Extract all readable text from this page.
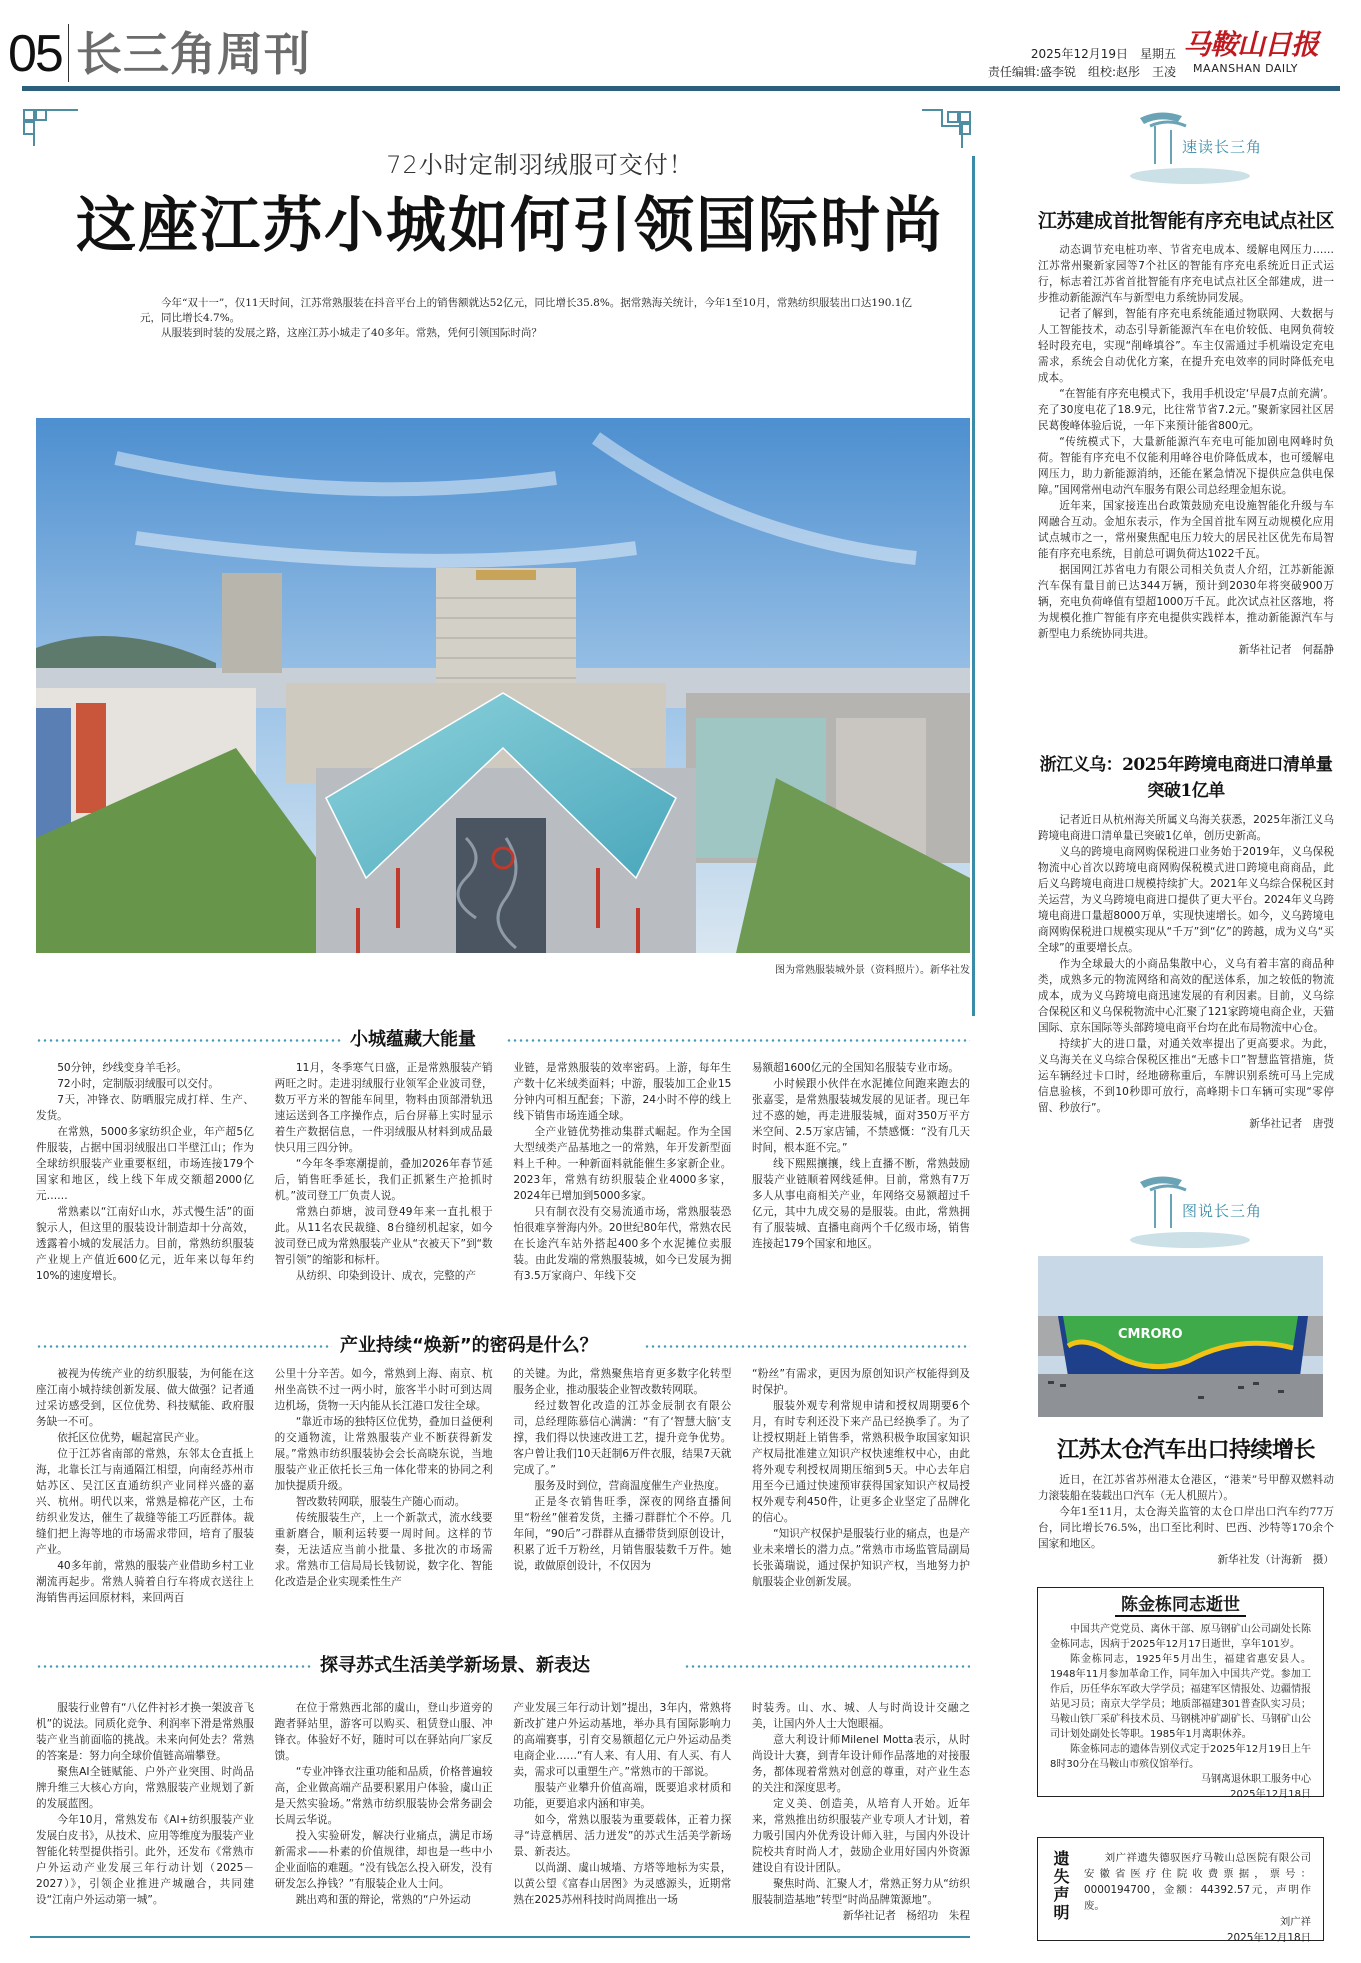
05 长三角周刊	2025年12月19日　星期五
责任编辑:盛李锐　组校:赵彤　王凌
马鞍山日报
MAANSHAN DAILY
72小时定制羽绒服可交付！
这座江苏小城如何引领国际时尚

今年“双十一”，仅11天时间，江苏常熟服装在抖音平台上的销售额就达52亿元，同比增长35.8%。据常熟海关统计，今年1至10月，常熟纺织服装出口达190.1亿元，同比增长4.7%。

从服装到时装的发展之路，这座江苏小城走了40多年。常熟，凭何引领国际时尚？

图为常熟服装城外景（资料照片）。新华社发
小城蕴藏大能量

50分钟，纱线变身羊毛衫。

72小时，定制版羽绒服可以交付。

7天，冲锋衣、防晒服完成打样、生产、发货。

在常熟，5000多家纺织企业，年产超5亿件服装，占据中国羽绒服出口半壁江山；作为全球纺织服装产业重要枢纽，市场连接179个国家和地区，线上线下年成交额超2000亿元……

常熟素以“江南好山水，苏式慢生活”的面貌示人，但这里的服装设计制造却十分高效，透露着小城的发展活力。目前，常熟纺织服装产业规上产值近600亿元，近年来以每年约10%的速度增长。

11月，冬季寒气日盛，正是常熟服装产销两旺之时。走进羽绒服行业领军企业波司登，数万平方米的智能车间里，物料由顶部滑轨迅速运送到各工序操作点，后台屏幕上实时显示着生产数据信息，一件羽绒服从材料到成品最快只用三四分钟。

“今年冬季寒潮提前，叠加2026年春节延后，销售旺季延长，我们正抓紧生产抢抓时机。”波司登工厂负责人说。

常熟白茆塘，波司登49年来一直扎根于此。从11名农民裁缝、8台缝纫机起家，如今波司登已成为常熟服装产业从“衣被天下”到“数智引领”的缩影和标杆。

从纺织、印染到设计、成衣，完整的产

业链，是常熟服装的效率密码。上游，每年生产数十亿米绒类面料；中游，服装加工企业15分钟内可相互配套；下游，24小时不停的线上线下销售市场连通全球。

全产业链优势推动集群式崛起。作为全国大型绒类产品基地之一的常熟，年开发新型面料上千种。一种新面料就能催生多家新企业。2023年，常熟有纺织服装企业4000多家，2024年已增加到5000多家。

只有制衣没有交易流通市场，常熟服装恐怕很难享誉海内外。20世纪80年代，常熟农民在长途汽车站外搭起400多个水泥摊位卖服装。由此发端的常熟服装城，如今已发展为拥有3.5万家商户、年线下交

易额超1600亿元的全国知名服装专业市场。

小时候跟小伙伴在水泥摊位间跑来跑去的张嘉雯，是常熟服装城发展的见证者。现已年过不惑的她，再走进服装城，面对350万平方米空间、2.5万家店铺，不禁感慨：“没有几天时间，根本逛不完。”

线下熙熙攘攘，线上直播不断，常熟鼓励服装产业链顺着网线延伸。目前，常熟有7万多人从事电商相关产业，年网络交易额超过千亿元，其中九成交易的是服装。由此，常熟拥有了服装城、直播电商两个千亿级市场，销售连接起179个国家和地区。

产业持续“焕新”的密码是什么？

被视为传统产业的纺织服装，为何能在这座江南小城持续创新发展、做大做强？记者通过采访感受到，区位优势、科技赋能、政府服务缺一不可。

依托区位优势，崛起富民产业。

位于江苏省南部的常熟，东邻太仓直抵上海，北靠长江与南通隔江相望，向南经苏州市姑苏区、吴江区直通纺织产业同样兴盛的嘉兴、杭州。明代以来，常熟是棉花产区，土布纺织业发达，催生了裁缝等能工巧匠群体。裁缝们把上海等地的市场需求带回，培育了服装产业。

40多年前，常熟的服装产业借助乡村工业潮流再起步。常熟人骑着自行车将成衣送往上海销售再运回原材料，来回两百

公里十分辛苦。如今，常熟到上海、南京、杭州坐高铁不过一两小时，旅客半小时可到达周边机场，货物一天内能从长江港口发往全球。

“靠近市场的独特区位优势，叠加日益便利的交通物流，让常熟服装产业不断获得新发展。”常熟市纺织服装协会会长高晓东说，当地服装产业正依托长三角一体化带来的协同之利加快提质升级。

智改数转网联，服装生产随心而动。

传统服装生产，上一个新款式，流水线要重新磨合，顺利运转要一周时间。这样的节奏，无法适应当前小批量、多批次的市场需求。常熟市工信局局长钱韧说，数字化、智能化改造是企业实现柔性生产

的关键。为此，常熟聚焦培育更多数字化转型服务企业，推动服装企业智改数转网联。

经过数智化改造的江苏金辰制衣有限公司，总经理陈慕信心满满：“有了‘智慧大脑’支撑，我们得以快速改进工艺，提升竞争优势。客户曾让我们10天赶制6万件衣服，结果7天就完成了。”

服务及时到位，营商温度催生产业热度。

正是冬衣销售旺季，深夜的网络直播间里“粉丝”催着发货，主播刁群群忙个不停。几年间，“90后”刁群群从直播带货到原创设计，积累了近千万粉丝，月销售服装数千万件。她说，敢做原创设计，不仅因为

“粉丝”有需求，更因为原创知识产权能得到及时保护。

服装外观专利常规申请和授权周期要6个月，有时专利还没下来产品已经换季了。为了让授权期赶上销售季，常熟积极争取国家知识产权局批准建立知识产权快速维权中心，由此将外观专利授权周期压缩到5天。中心去年启用至今已通过快速预审获得国家知识产权局授权外观专利450件，让更多企业坚定了品牌化的信心。

“知识产权保护是服装行业的痛点，也是产业未来增长的潜力点。”常熟市市场监管局副局长张蔼瑞说，通过保护知识产权，当地努力护航服装企业创新发展。

探寻苏式生活美学新场景、新表达

服装行业曾有“八亿件衬衫才换一架波音飞机”的说法。同质化竞争、利润率下滑是常熟服装产业当前面临的挑战。未来向何处去？常熟的答案是：努力向全球价值链高端攀登。

聚焦AI全链赋能、户外产业突围、时尚品牌升维三大核心方向，常熟服装产业规划了新的发展蓝图。

今年10月，常熟发布《AI+纺织服装产业发展白皮书》，从技术、应用等维度为服装产业智能化转型提供指引。此外，还发布《常熟市户外运动产业发展三年行动计划（2025－2027）》，引领企业推进产城融合，共同建设“江南户外运动第一城”。

在位于常熟西北部的虞山，登山步道旁的跑者驿站里，游客可以购买、租赁登山服、冲锋衣。体验好不好，随时可以在驿站向厂家反馈。

“专业冲锋衣注重功能和品质，价格普遍较高，企业做高端产品要积累用户体验，虞山正是天然实验场。”常熟市纺织服装协会常务副会长周云华说。

投入实验研发，解决行业痛点，满足市场新需求——朴素的价值规律，却也是一些中小企业面临的难题。“没有钱怎么投入研发，没有研发怎么挣钱？”有服装企业人士问。

跳出鸡和蛋的辩论，常熟的“户外运动

产业发展三年行动计划”提出，3年内，常熟将新改扩建户外运动基地，举办具有国际影响力的高端赛事，引育交易额超亿元户外运动品类电商企业……“有人来、有人用、有人买、有人卖，需求可以重塑生产。”常熟市的干部说。

服装产业攀升价值高端，既要追求材质和功能，更要追求内涵和审美。

如今，常熟以服装为重要载体，正着力探寻“诗意栖居、活力迸发”的苏式生活美学新场景、新表达。

以尚湖、虞山城墙、方塔等地标为实景，以黄公望《富春山居图》为灵感源头，近期常熟在2025苏州科技时尚周推出一场

时装秀。山、水、城、人与时尚设计交融之美，让国内外人士大饱眼福。

意大利设计师Milenel Motta表示，从时尚设计大赛，到青年设计师作品落地的对接服务，都体现着常熟对创意的尊重，对产业生态的关注和深度思考。

定义美、创造美，从培育人开始。近年来，常熟推出纺织服装产业专项人才计划，着力吸引国内外优秀设计师入驻，与国内外设计院校共育时尚人才，鼓励企业用好国内外资源建设自有设计团队。

聚焦时尚、汇聚人才，常熟正努力从“纺织服装制造基地”转型“时尚品牌策源地”。

新华社记者　杨绍功　朱程

速读长三角
江苏建成首批智能有序充电试点社区

动态调节充电桩功率、节省充电成本、缓解电网压力……江苏常州聚新家园等7个社区的智能有序充电系统近日正式运行，标志着江苏省首批智能有序充电试点社区全部建成，进一步推动新能源汽车与新型电力系统协同发展。

记者了解到，智能有序充电系统能通过物联网、大数据与人工智能技术，动态引导新能源汽车在电价较低、电网负荷较轻时段充电，实现“削峰填谷”。车主仅需通过手机端设定充电需求，系统会自动优化方案，在提升充电效率的同时降低充电成本。

“在智能有序充电模式下，我用手机设定‘早晨7点前充满’。充了30度电花了18.9元，比往常节省7.2元。”聚新家园社区居民葛俊峰体验后说，一年下来预计能省800元。

“传统模式下，大量新能源汽车充电可能加剧电网峰时负荷。智能有序充电不仅能利用峰谷电价降低成本，也可缓解电网压力，助力新能源消纳，还能在紧急情况下提供应急供电保障。”国网常州电动汽车服务有限公司总经理金旭东说。

近年来，国家接连出台政策鼓励充电设施智能化升级与车网融合互动。金旭东表示，作为全国首批车网互动规模化应用试点城市之一，常州聚焦配电压力较大的居民社区优先布局智能有序充电系统，目前总可调负荷达1022千瓦。

据国网江苏省电力有限公司相关负责人介绍，江苏新能源汽车保有量目前已达344万辆，预计到2030年将突破900万辆，充电负荷峰值有望超1000万千瓦。此次试点社区落地，将为规模化推广智能有序充电提供实践样本，推动新能源汽车与新型电力系统协同共进。

新华社记者　何磊静

浙江义乌：2025年跨境电商进口清单量突破1亿单

记者近日从杭州海关所属义乌海关获悉，2025年浙江义乌跨境电商进口清单量已突破1亿单，创历史新高。

义乌的跨境电商网购保税进口业务始于2019年，义乌保税物流中心首次以跨境电商网购保税模式进口跨境电商商品，此后义乌跨境电商进口规模持续扩大。2021年义乌综合保税区封关运营，为义乌跨境电商进口提供了更大平台。2024年义乌跨境电商进口量超8000万单，实现快速增长。如今，义乌跨境电商网购保税进口规模实现从“千万”到“亿”的跨越，成为义乌“买全球”的重要增长点。

作为全球最大的小商品集散中心，义乌有着丰富的商品种类，成熟多元的物流网络和高效的配送体系，加之较低的物流成本，成为义乌跨境电商迅速发展的有利因素。目前，义乌综合保税区和义乌保税物流中心汇聚了121家跨境电商企业，天猫国际、京东国际等头部跨境电商平台均在此布局物流中心仓。

持续扩大的进口量，对通关效率提出了更高要求。为此，义乌海关在义乌综合保税区推出“无感卡口”智慧监管措施，货运车辆经过卡口时，经地磅称重后，车牌识别系统可马上完成信息验核，不到10秒即可放行，高峰期卡口车辆可实现“零停留、秒放行”。

新华社记者　唐弢

图说长三角
CMRORO
江苏太仓汽车出口持续增长

近日，在江苏省苏州港太仓港区，“港茉”号甲醇双燃料动力滚装船在装载出口汽车（无人机照片）。

今年1至11月，太仓海关监管的太仓口岸出口汽车约77万台，同比增长76.5%，出口至比利时、巴西、沙特等170余个国家和地区。

新华社发（计海新　摄）

陈金栋同志逝世

中国共产党党员、离休干部、原马钢矿山公司副处长陈金栋同志，因病于2025年12月17日逝世，享年101岁。

陈金栋同志，1925年5月出生，福建省惠安县人。1948年11月参加革命工作，同年加入中国共产党。参加工作后，历任华东军政大学学员；福建军区情报处、边疆情报站见习员；南京大学学员；地质部福建301普查队实习员；马鞍山铁厂采矿科技术员、马钢桃冲矿副矿长、马钢矿山公司计划处副处长等职。1985年1月离职休养。

陈金栋同志的遗体告别仪式定于2025年12月19日上午8时30分在马鞍山市殡仪馆举行。

马钢离退休职工服务中心

2025年12月18日

遗失声明	刘广祥遗失德驭医疗马鞍山总医院有限公司安徽省医疗住院收费票据，票号：0000194700，金额：44392.57元，声明作废。

刘广祥

2025年12月18日
